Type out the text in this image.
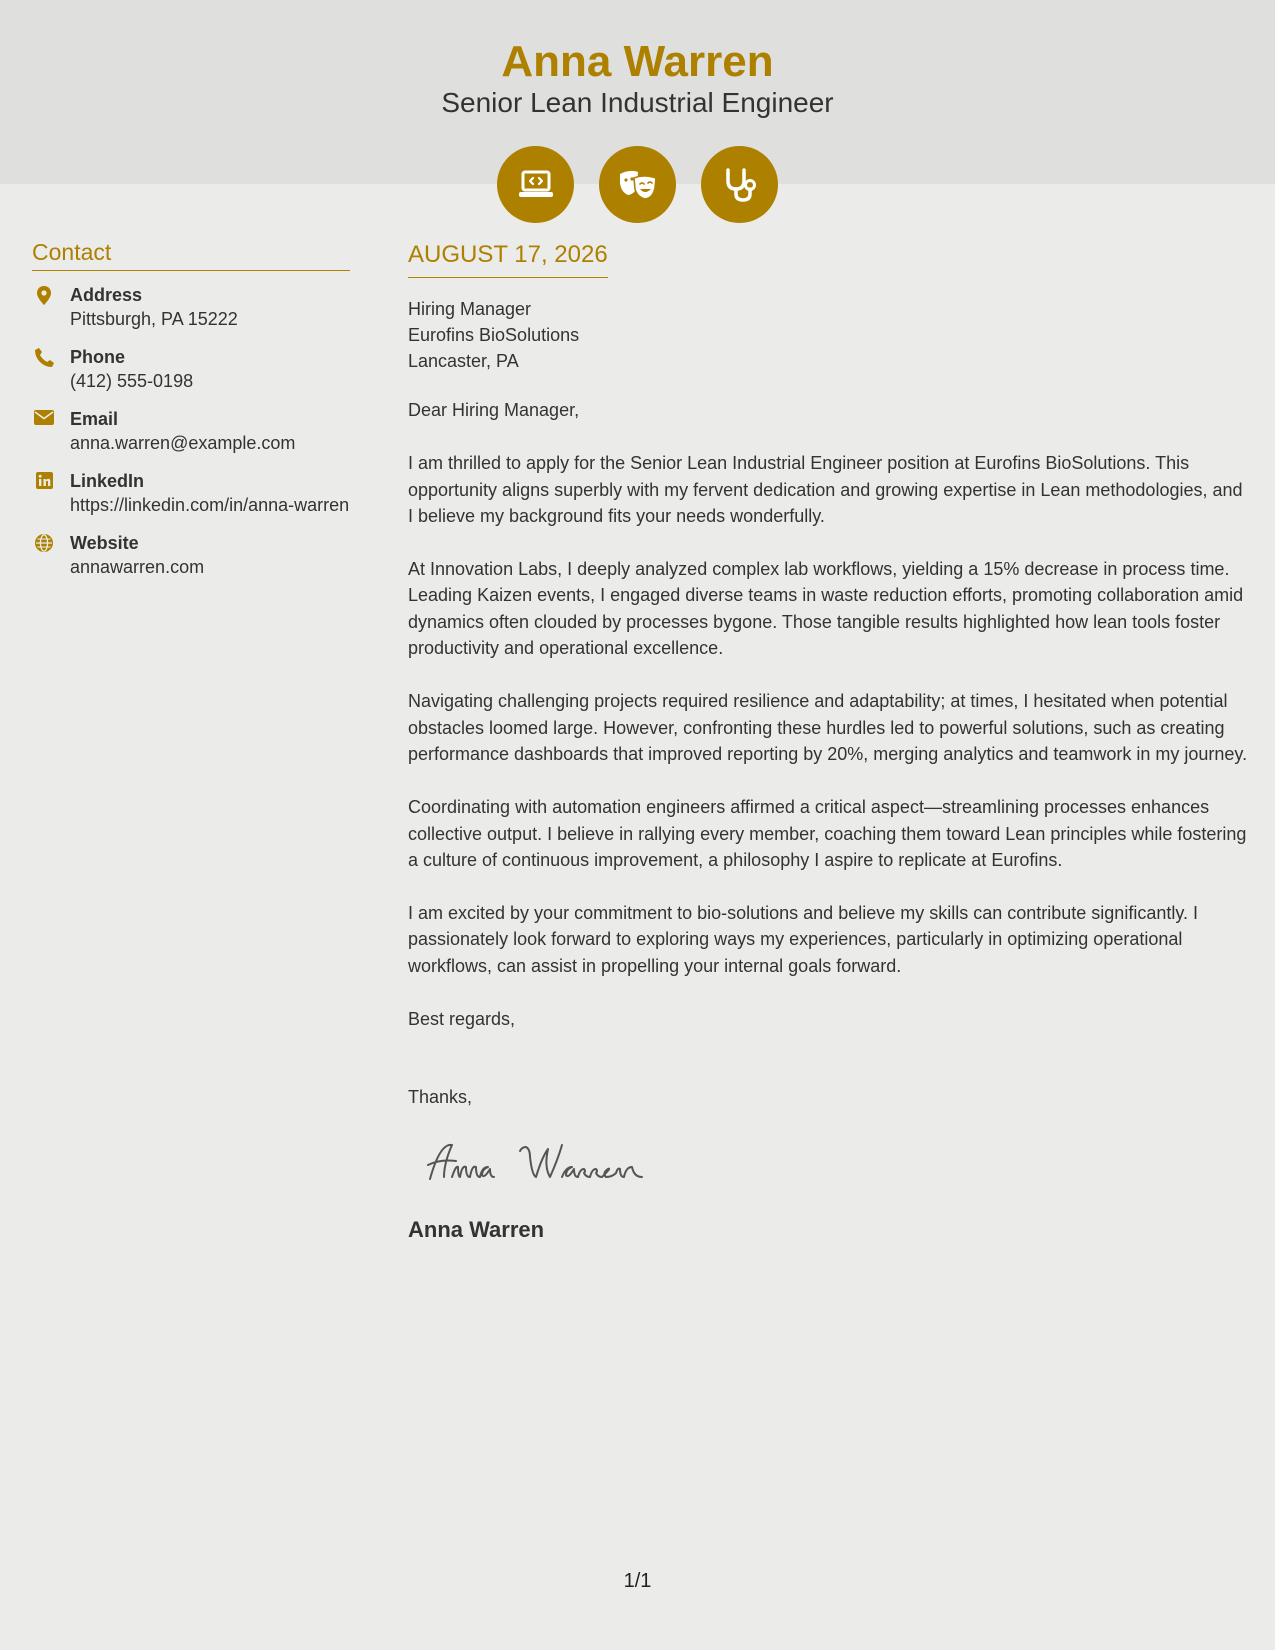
Anna Warren
Senior Lean Industrial Engineer
Contact
Address
Pittsburgh, PA 15222
Phone
(412) 555-0198
Email
anna.warren@example.com
LinkedIn
https://linkedin.com/in/anna-warren
Website
annawarren.com
AUGUST 17, 2026
Hiring Manager
Eurofins BioSolutions
Lancaster, PA

Dear Hiring Manager,

I am thrilled to apply for the Senior Lean Industrial Engineer position at Eurofins BioSolutions. This opportunity aligns superbly with my fervent dedication and growing expertise in Lean methodologies, and I believe my background fits your needs wonderfully.

At Innovation Labs, I deeply analyzed complex lab workflows, yielding a 15% decrease in process time. Leading Kaizen events, I engaged diverse teams in waste reduction efforts, promoting collaboration amid dynamics often clouded by processes bygone. Those tangible results highlighted how lean tools foster productivity and operational excellence.

Navigating challenging projects required resilience and adaptability; at times, I hesitated when potential obstacles loomed large. However, confronting these hurdles led to powerful solutions, such as creating performance dashboards that improved reporting by 20%, merging analytics and teamwork in my journey.

Coordinating with automation engineers affirmed a critical aspect—streamlining processes enhances collective output. I believe in rallying every member, coaching them toward Lean principles while fostering a culture of continuous improvement, a philosophy I aspire to replicate at Eurofins.

I am excited by your commitment to bio-solutions and believe my skills can contribute significantly. I passionately look forward to exploring ways my experiences, particularly in optimizing operational workflows, can assist in propelling your internal goals forward.

Best regards,

Thanks,

Anna Warren
1/1
